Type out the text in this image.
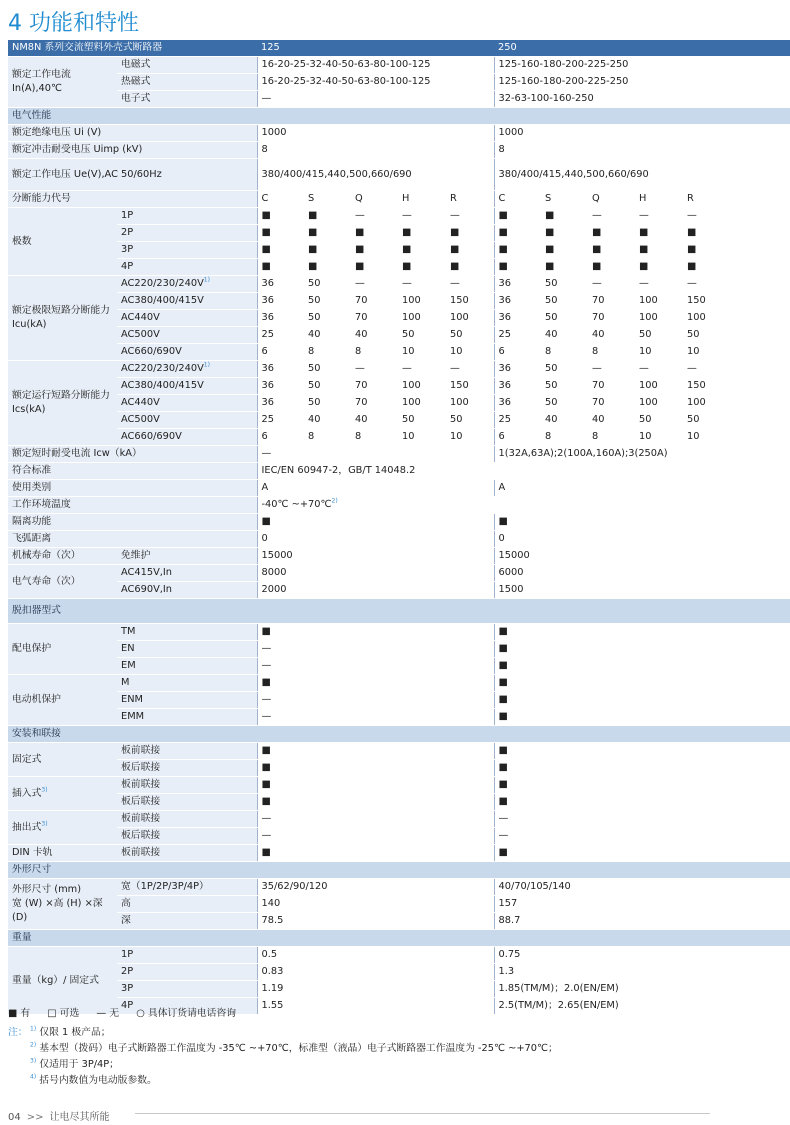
4 功能和特性
NM8N 系列交流塑料外壳式断路器		125					250				
额定工作电流 In(A),40℃	电磁式	16-20-25-32-40-50-63-80-100-125					125-160-180-200-225-250				
	热磁式	16-20-25-32-40-50-63-80-100-125					125-160-180-200-225-250				
	电子式	—					32-63-100-160-250				
电气性能											
额定绝缘电压 Ui (V)		1000					1000				
额定冲击耐受电压 Uimp (kV)		8					8				
额定工作电压 Ue(V),AC 50/60Hz		380/400/415,440,500,660/690					380/400/415,440,500,660/690				
分断能力代号		C	S	Q	H	R	C	S	Q	H	R
极数	1P	■	■	—	—	—	■	■	—	—	—
	2P	■	■	■	■	■	■	■	■	■	■
	3P	■	■	■	■	■	■	■	■	■	■
	4P	■	■	■	■	■	■	■	■	■	■
额定极限短路分断能力
Icu(kA)	$AC220/230/240V^{1)}$	36	50	—	—	—	36	50	—	—	—
	AC380/400/415V	36	50	70	100	150	36	50	70	100	150
	AC440V	36	50	70	100	100	36	50	70	100	100
	AC500V	25	40	40	50	50	25	40	40	50	50
	AC660/690V	6	8	8	10	10	6	8	8	10	10
额定运行短路分断能力
Ics(kA)	$AC220/230/240V^{1)}$	36	50	—	—	—	36	50	—	—	—
	AC380/400/415V	36	50	70	100	150	36	50	70	100	150
	AC440V	36	50	70	100	100	36	50	70	100	100
	AC500V	25	40	40	50	50	25	40	40	50	50
	AC660/690V	6	8	8	10	10	6	8	8	10	10
额定短时耐受电流 Icw（kA）		—					1(32A,63A);2(100A,160A);3(250A)				
符合标准		IEC/EN 60947-2，GB/T 14048.2									
使用类别		A					A				
工作环境温度		-40℃ ~+70℃$^{2)}$
隔离功能		■					■				
飞弧距离		0					0				
机械寿命（次）	免维护	15000					15000				
电气寿命（次）	AC415V,In	8000					6000				
	AC690V,In	2000					1500				
脱扣器型式											
配电保护	TM	■					■				
	EN	—					■				
	EM	—					■				
电动机保护	M	■					■				
	ENM	—					■				
	EMM	—					■				
安装和联接											
固定式	板前联接	■					■				
	板后联接	■					■				
插入式$^{3)}$	板前联接	■					■				
	板后联接	■					■				
抽出式$^{3)}$	板前联接	—					—				
	板后联接	—					—				
DIN 卡轨	板前联接	■					■				
外形尺寸											
外形尺寸 (mm)
宽 (W) ×高 (H) ×深 (D)	宽（1P/2P/3P/4P）	35/62/90/120					40/70/105/140				
	高	140					157				
	深	78.5					88.7				
重量											
重量（kg）/ 固定式	1P	0.5					0.75				
	2P	0.83					1.3				
	3P	1.19					1.85(TM/M)；2.0(EN/EM)				
	4P	1.55					2.5(TM/M)；2.65(EN/EM)				
■ 有 □ 可选 — 无 ○ 具体订货请电话咨询
注： $^{1)}$ 仅限 1 极产品；
$^{2)}$ 基本型（拨码）电子式断路器工作温度为 -35℃ ~+70℃，标准型（液晶）电子式断路器工作温度为 -25℃ ~+70℃；
$^{3)}$ 仅适用于 3P/4P；
$^{4)}$ 括号内数值为电动版参数。
04 >> 让电尽其所能
